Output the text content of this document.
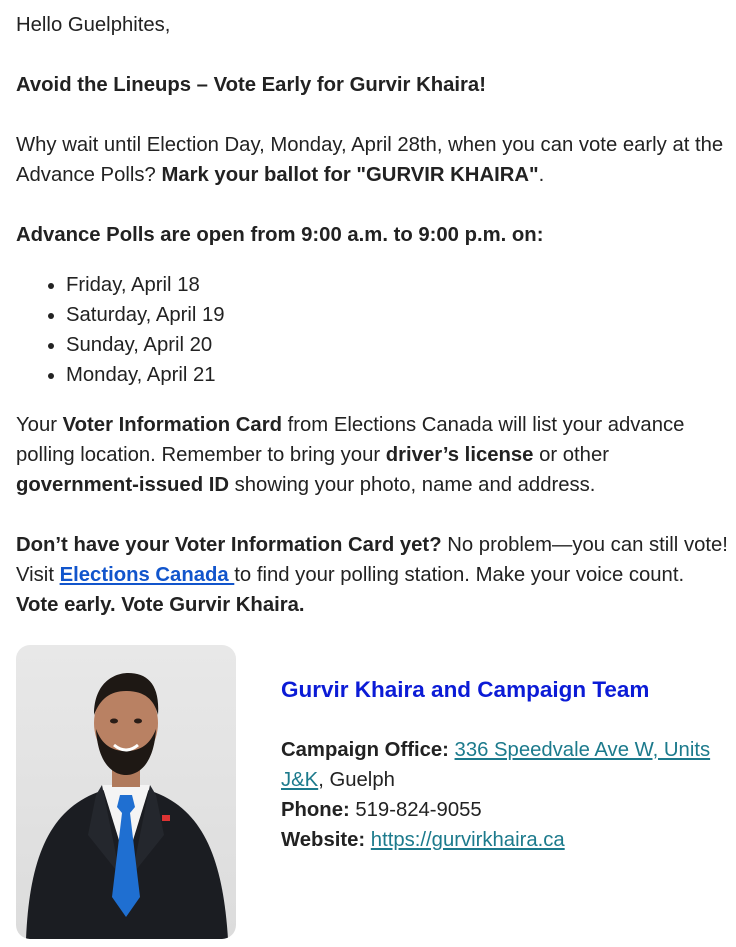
Hello Guelphites,

Avoid the Lineups – Vote Early for Gurvir Khaira!

Why wait until Election Day, Monday, April 28th, when you can vote early at the Advance Polls? Mark your ballot for "GURVIR KHAIRA".

Advance Polls are open from 9:00 a.m. to 9:00 p.m. on:

• Friday, April 18
• Saturday, April 19
• Sunday, April 20
• Monday, April 21

Your Voter Information Card from Elections Canada will list your advance polling location. Remember to bring your driver’s license or other government-issued ID showing your photo, name and address.

Don’t have your Voter Information Card yet? No problem—you can still vote! Visit Elections Canada to find your polling station. Make your voice count. Vote early. Vote Gurvir Khaira.

Gurvir Khaira and Campaign Team
Campaign Office: 336 Speedvale Ave W, Units J&K, Guelph
Phone: 519-824-9055
Website: https://gurvirkhaira.ca
